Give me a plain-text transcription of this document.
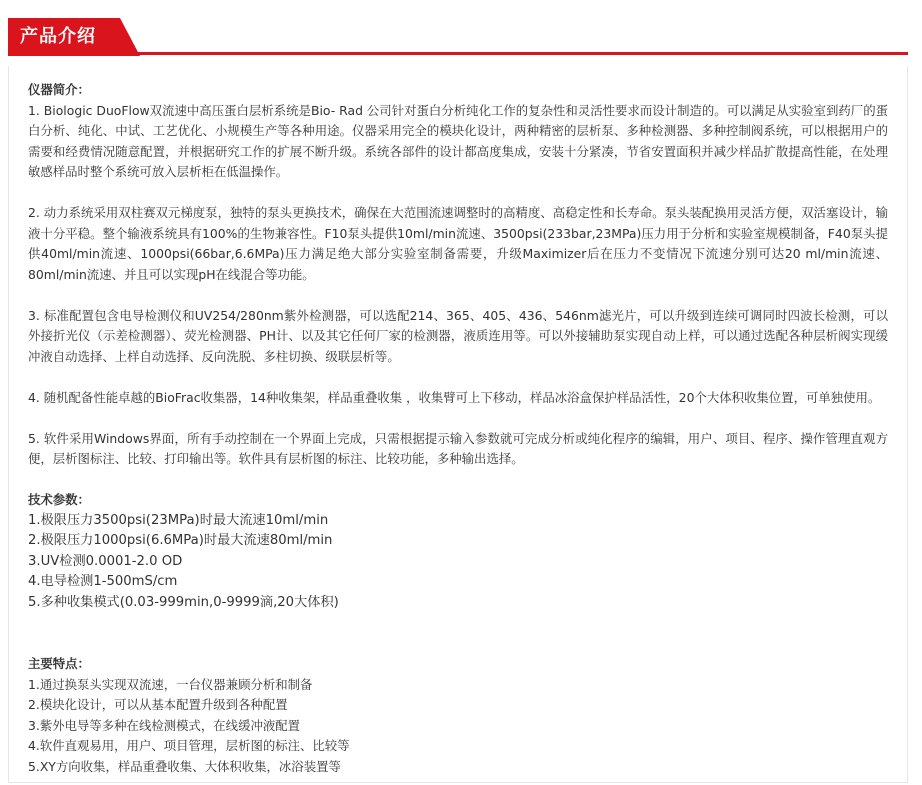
产品介绍
仪器简介：

1. Biologic DuoFlow双流速中高压蛋白层析系统是Bio- Rad 公司针对蛋白分析纯化工作的复杂性和灵活性要求而设计制造的。可以满足从实验室到药厂的蛋白分析、纯化、中试、工艺优化、小规模生产等各种用途。仪器采用完全的模块化设计，两种精密的层析泵、多种检测器、多种控制阀系统，可以根据用户的需要和经费情况随意配置，并根据研究工作的扩展不断升级。系统各部件的设计都高度集成，安装十分紧凑，节省安置面积并减少样品扩散提高性能，在处理敏感样品时整个系统可放入层析柜在低温操作。

2. 动力系统采用双柱赛双元梯度泵，独特的泵头更换技术，确保在大范围流速调整时的高精度、高稳定性和长寿命。泵头装配换用灵活方便，双活塞设计，输液十分平稳。整个输液系统具有100%的生物兼容性。F10泵头提供10ml/min流速、3500psi(233bar,23MPa)压力用于分析和实验室规模制备，F40泵头提供40ml/min流速、1000psi(66bar,6.6MPa)压力满足绝大部分实验室制备需要，升级Maximizer后在压力不变情况下流速分别可达20 ml/min流速、80ml/min流速、并且可以实现pH在线混合等功能。

3. 标准配置包含电导检测仪和UV254/280nm紫外检测器，可以选配214、365、405、436、546nm滤光片，可以升级到连续可调同时四波长检测，可以外接折光仪（示差检测器）、荧光检测器、PH计、以及其它任何厂家的检测器，液质连用等。可以外接辅助泵实现自动上样，可以通过选配各种层析阀实现缓冲液自动选择、上样自动选择、反向洗脱、多柱切换、级联层析等。

4. 随机配备性能卓越的BioFrac收集器，14种收集架，样品重叠收集 ，收集臂可上下移动，样品冰浴盒保护样品活性，20个大体积收集位置，可单独使用。

5. 软件采用Windows界面，所有手动控制在一个界面上完成，只需根据提示输入参数就可完成分析或纯化程序的编辑，用户、项目、程序、操作管理直观方便，层析图标注、比较、打印输出等。软件具有层析图的标注、比较功能，多种输出选择。

技术参数：
1.极限压力3500psi(23MPa)时最大流速10ml/min
2.极限压力1000psi(6.6MPa)时最大流速80ml/min
3.UV检测0.0001-2.0 OD
4.电导检测1-500mS/cm
5.多种收集模式(0.03-999min,0-9999滴,20大体积)
主要特点：
1.通过换泵头实现双流速，一台仪器兼顾分析和制备
2.模块化设计，可以从基本配置升级到各种配置
3.紫外电导等多种在线检测模式，在线缓冲液配置
4.软件直观易用，用户、项目管理，层析图的标注、比较等
5.XY方向收集，样品重叠收集、大体积收集，冰浴装置等
